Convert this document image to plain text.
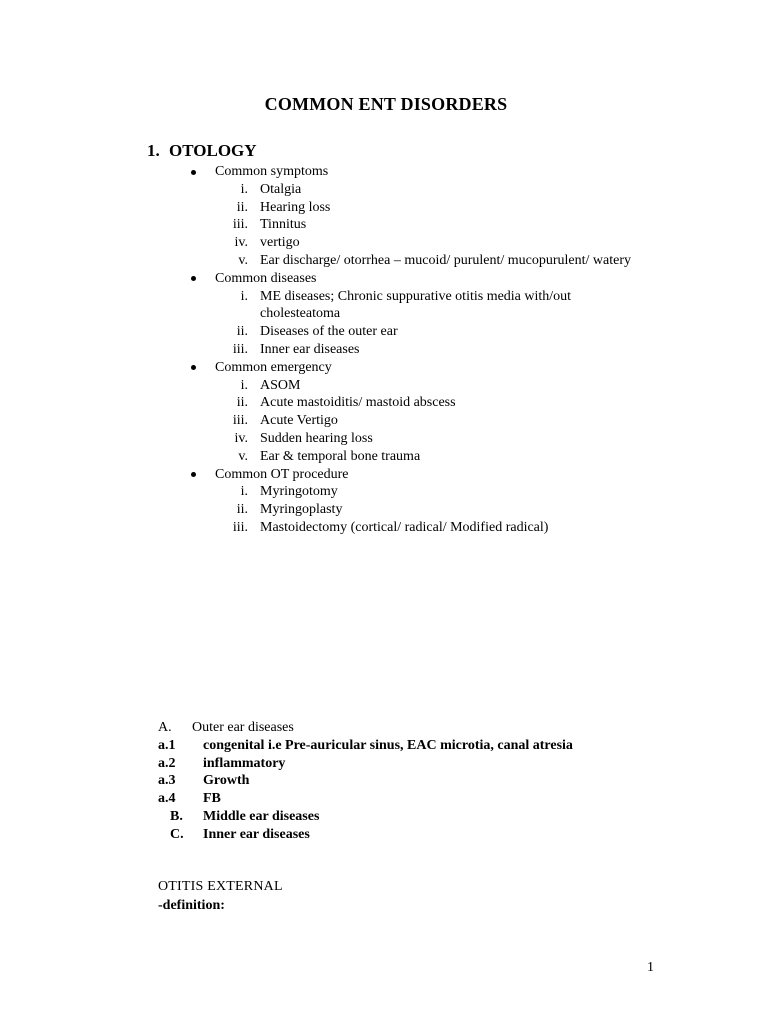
COMMON ENT DISORDERS
1. OTOLOGY
Common symptoms
i. Otalgia
ii. Hearing loss
iii. Tinnitus
iv. vertigo
v. Ear discharge/ otorrhea – mucoid/ purulent/ mucopurulent/ watery
Common diseases
i. ME diseases; Chronic suppurative otitis media with/out cholesteatoma
ii. Diseases of the outer ear
iii. Inner ear diseases
Common emergency
i. ASOM
ii. Acute mastoiditis/ mastoid abscess
iii. Acute Vertigo
iv. Sudden hearing loss
v. Ear & temporal bone trauma
Common OT procedure
i. Myringotomy
ii. Myringoplasty
iii. Mastoidectomy (cortical/ radical/ Modified radical)
A. Outer ear diseases
a.1 congenital i.e Pre-auricular sinus, EAC microtia, canal atresia
a.2 inflammatory
a.3 Growth
a.4 FB
B. Middle ear diseases
C. Inner ear diseases
OTITIS EXTERNAL
-definition:
1
